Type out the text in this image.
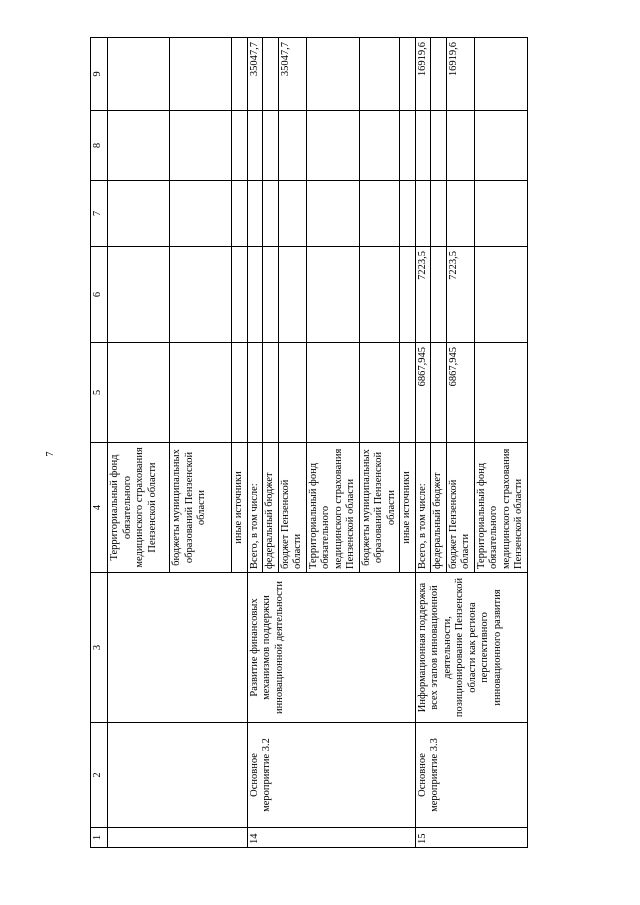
7
1	2	3	4	5	6	7	8	9
			Территориальный фонд обязательного медицинского страхования Пензенской области					
			бюджеты муниципальных образований Пензенской области					
			иные источники					
14	Основное мероприятие 3.2	Развитие финансовых механизмов поддержки инновационной деятельности	Всего, в том числе:					35047,7
			федеральный бюджет					
			бюджет Пензенской области					35047,7
			Территориальный фонд обязательного медицинского страхования Пензенской области					
			бюджеты муниципальных образований Пензенской области					
			иные источники					
15	Основное мероприятие 3.3	Информационная поддержка всех этапов инновационной деятельности, позиционирование Пензенской области как региона перспективного инновационного развития	Всего, в том числе:	6867,945	7223,5			16919,6
			федеральный бюджет					
			бюджет Пензенской области	6867,945	7223,5			16919,6
			Территориальный фонд обязательного медицинского страхования Пензенской области					
